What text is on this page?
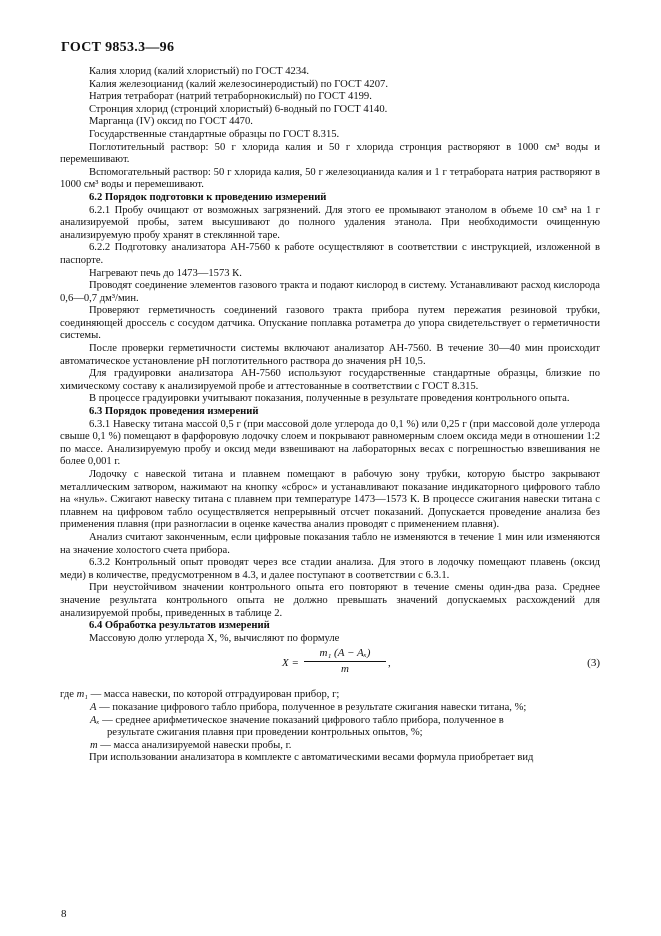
ГОСТ 9853.3—96

Калия хлорид (калий хлористый) по ГОСТ 4234.

Калия железоцианид (калий железосинеродистый) по ГОСТ 4207.

Натрия тетраборат (натрий тетраборнокислый) по ГОСТ 4199.

Стронция хлорид (стронций хлористый) 6-водный по ГОСТ 4140.

Марганца (IV) оксид по ГОСТ 4470.

Государственные стандартные образцы по ГОСТ 8.315.

Поглотительный раствор: 50 г хлорида калия и 50 г хлорида стронция растворяют в 1000 см³ воды и перемешивают.

Вспомогательный раствор: 50 г хлорида калия, 50 г железоцианида калия и 1 г тетрабората натрия растворяют в 1000 см³ воды и перемешивают.

6.2 Порядок подготовки к проведению измерений

6.2.1 Пробу очищают от возможных загрязнений. Для этого ее промывают этанолом в объеме 10 см³ на 1 г анализируемой пробы, затем высушивают до полного удаления этанола. При необходимости очищенную анализируемую пробу хранят в стеклянной таре.

6.2.2 Подготовку анализатора АН-7560 к работе осуществляют в соответствии с инструкцией, изложенной в паспорте.

Нагревают печь до 1473—1573 К.

Проводят соединение элементов газового тракта и подают кислород в систему. Устанавливают расход кислорода 0,6—0,7 дм³/мин.

Проверяют герметичность соединений газового тракта прибора путем пережатия резиновой трубки, соединяющей дроссель с сосудом датчика. Опускание поплавка ротаметра до упора свидетельствует о герметичности системы.

После проверки герметичности системы включают анализатор АН-7560. В течение 30—40 мин происходит автоматическое установление рН поглотительного раствора до значения рН 10,5.

Для градуировки анализатора АН-7560 используют государственные стандартные образцы, близкие по химическому составу к анализируемой пробе и аттестованные в соответствии с ГОСТ 8.315.

В процессе градуировки учитывают показания, полученные в результате проведения контрольного опыта.

6.3 Порядок проведения измерений

6.3.1 Навеску титана массой 0,5 г (при массовой доле углерода до 0,1 %) или 0,25 г (при массовой доле углерода свыше 0,1 %) помещают в фарфоровую лодочку слоем и покрывают равномерным слоем оксида меди в отношении 1:2 по массе. Анализируемую пробу и оксид меди взвешивают на лабораторных весах с погрешностью взвешивания не более 0,001 г.

Лодочку с навеской титана и плавнем помещают в рабочую зону трубки, которую быстро закрывают металлическим затвором, нажимают на кнопку «сброс» и устанавливают показание индикаторного цифрового табло на «нуль». Сжигают навеску титана с плавнем при температуре 1473—1573 К. В процессе сжигания навески титана с плавнем на цифровом табло осуществляется непрерывный отсчет показаний. Допускается проведение анализа без применения плавня (при разногласии в оценке качества анализ проводят с применением плавня).

Анализ считают законченным, если цифровые показания табло не изменяются в течение 1 мин или изменяются на значение холостого счета прибора.

6.3.2 Контрольный опыт проводят через все стадии анализа. Для этого в лодочку помещают плавень (оксид меди) в количестве, предусмотренном в 4.3, и далее поступают в соответствии с 6.3.1.

При неустойчивом значении контрольного опыта его повторяют в течение смены один-два раза. Среднее значение результата контрольного опыта не должно превышать значений допускаемых расхождений для анализируемой пробы, приведенных в таблице 2.

6.4 Обработка результатов измерений

Массовую долю углерода X, %, вычисляют по формуле

$X = \frac{\text{m₁ (A − Aₓ)}}{m}$ ,	(3)

где m₁ — масса навески, по которой отградуирован прибор, г;

A — показание цифрового табло прибора, полученное в результате сжигания навески титана, %;

Aₓ — среднее арифметическое значение показаний цифрового табло прибора, полученное в

результате сжигания плавня при проведении контрольных опытов, %;

m — масса анализируемой навески пробы, г.

При использовании анализатора в комплекте с автоматическими весами формула приобретает вид

8
